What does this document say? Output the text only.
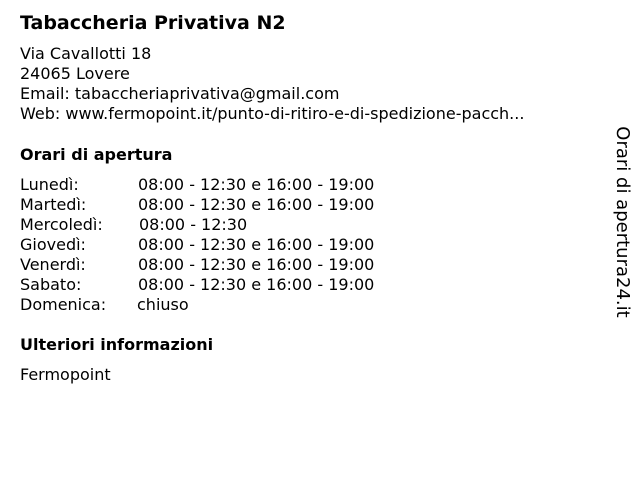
Tabaccheria Privativa N2
Via Cavallotti 18
24065 Lovere
Email: tabaccheriaprivativa@gmail.com
Web: www.fermopoint.it/punto-di-ritiro-e-di-spedizione-pacch...
Orari di apertura
Lunedì:	08:00 - 12:30 e 16:00 - 19:00
Martedì:	08:00 - 12:30 e 16:00 - 19:00
Mercoledì: 08:00 - 12:30
Giovedì:	08:00 - 12:30 e 16:00 - 19:00
Venerdì:	08:00 - 12:30 e 16:00 - 19:00
Sabato:	08:00 - 12:30 e 16:00 - 19:00
Domenica: chiuso
Ulteriori informazioni
Fermopoint
Orari di apertura24.it
